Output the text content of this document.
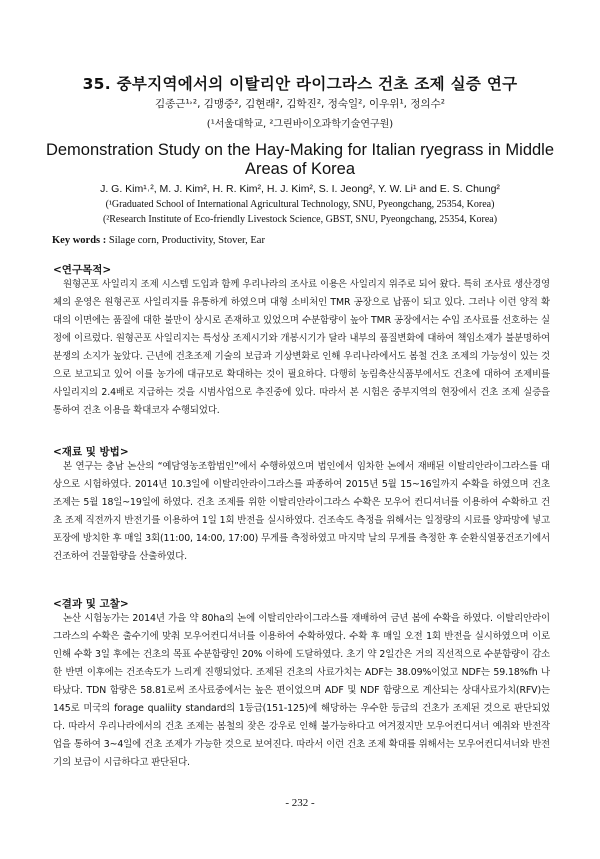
35. 중부지역에서의 이탈리안 라이그라스 건초 조제 실증 연구
김종근¹˒², 김맹중², 김현래², 김학진², 정숙일², 이우위¹, 정의수²
(¹서울대학교, ²그린바이오과학기술연구원)
Demonstration Study on the Hay-Making for Italian ryegrass in Middle Areas of Korea
J. G. Kim¹˒², M. J. Kim², H. R. Kim², H. J. Kim², S. I. Jeong², Y. W. Li¹ and E. S. Chung²
(¹Graduated School of International Agricultural Technology, SNU, Pyeongchang, 25354, Korea)
(²Research Institute of Eco-friendly Livestock Science, GBST, SNU, Pyeongchang, 25354, Korea)
Key words : Silage corn, Productivity, Stover, Ear
<연구목적>
원형곤포 사일리지 조제 시스템 도입과 함께 우리나라의 조사료 이용은 사일리지 위주로 되어 왔다. 특히 조사료 생산경영체의 운영은 원형곤포 사일리지를 유통하게 하였으며 대형 소비처인 TMR 공장으로 납품이 되고 있다. 그러나 이런 양적 확대의 이면에는 품질에 대한 불만이 상시로 존재하고 있었으며 수분함량이 높아 TMR 공장에서는 수입 조사료를 선호하는 실정에 이르렀다. 원형곤포 사일리지는 특성상 조제시기와 개봉시기가 달라 내부의 품질변화에 대하여 책임소재가 불분명하여 분쟁의 소지가 높았다. 근년에 건초조제 기술의 보급과 기상변화로 인해 우리나라에서도 봄철 건초 조제의 가능성이 있는 것으로 보고되고 있어 이를 농가에 대규모로 확대하는 것이 필요하다. 다행히 농림축산식품부에서도 건초에 대하여 조제비를 사일리지의 2.4배로 지급하는 것을 시범사업으로 추진중에 있다. 따라서 본 시험은 중부지역의 현장에서 건초 조제 실증을 통하여 건초 이용을 확대코자 수행되었다.
<재료 및 방법>
본 연구는 충남 논산의 “예담영농조합법인”에서 수행하였으며 법인에서 임차한 논에서 재배된 이탈리안라이그라스를 대상으로 시험하였다. 2014년 10.3일에 이탈리안라이그라스를 파종하여 2015년 5월 15~16일까지 수확을 하였으며 건초 조제는 5월 18일~19일에 하였다. 건초 조제를 위한 이탈리안라이그라스 수확은 모우어 컨디셔너를 이용하여 수확하고 건초 조제 직전까지 반전기를 이용하여 1일 1회 반전을 실시하였다. 건조속도 측정을 위해서는 일정량의 시료를 양파망에 넣고 포장에 방치한 후 매일 3회(11:00, 14:00, 17:00) 무게를 측정하였고 마지막 날의 무게를 측정한 후 순환식열풍건조기에서 건조하여 건물함량을 산출하였다.
<결과 및 고찰>
논산 시험농가는 2014년 가을 약 80ha의 논에 이탈리안라이그라스를 재배하여 금년 봄에 수확을 하였다. 이탈리안라이그라스의 수확은 출수기에 맞춰 모우어컨디셔너를 이용하여 수확하였다. 수확 후 매일 오전 1회 반전을 실시하였으며 이로 인해 수확 3일 후에는 건초의 목표 수분함량인 20% 이하에 도달하였다. 초기 약 2일간은 거의 직선적으로 수분함량이 감소한 반면 이후에는 건조속도가 느리게 진행되었다. 조제된 건초의 사료가치는 ADF는 38.09%이었고 NDF는 59.18%fh 나타났다. TDN 함량은 58.81로써 조사료중에서는 높은 편이었으며 ADF 및 NDF 함량으로 계산되는 상대사료가치(RFV)는 145로 미국의 forage qualiity standard의 1등급(151-125)에 해당하는 우수한 등급의 건초가 조제된 것으로 판단되었다. 따라서 우리나라에서의 건초 조제는 봄철의 잦은 강우로 인해 불가능하다고 여겨졌지만 모우어컨디셔너 예취와 반전작업을 통하여 3~4일에 건초 조제가 가능한 것으로 보여진다. 따라서 이런 건초 조제 확대를 위해서는 모우어컨디셔너와 반전기의 보급이 시급하다고 판단된다.
- 232 -
